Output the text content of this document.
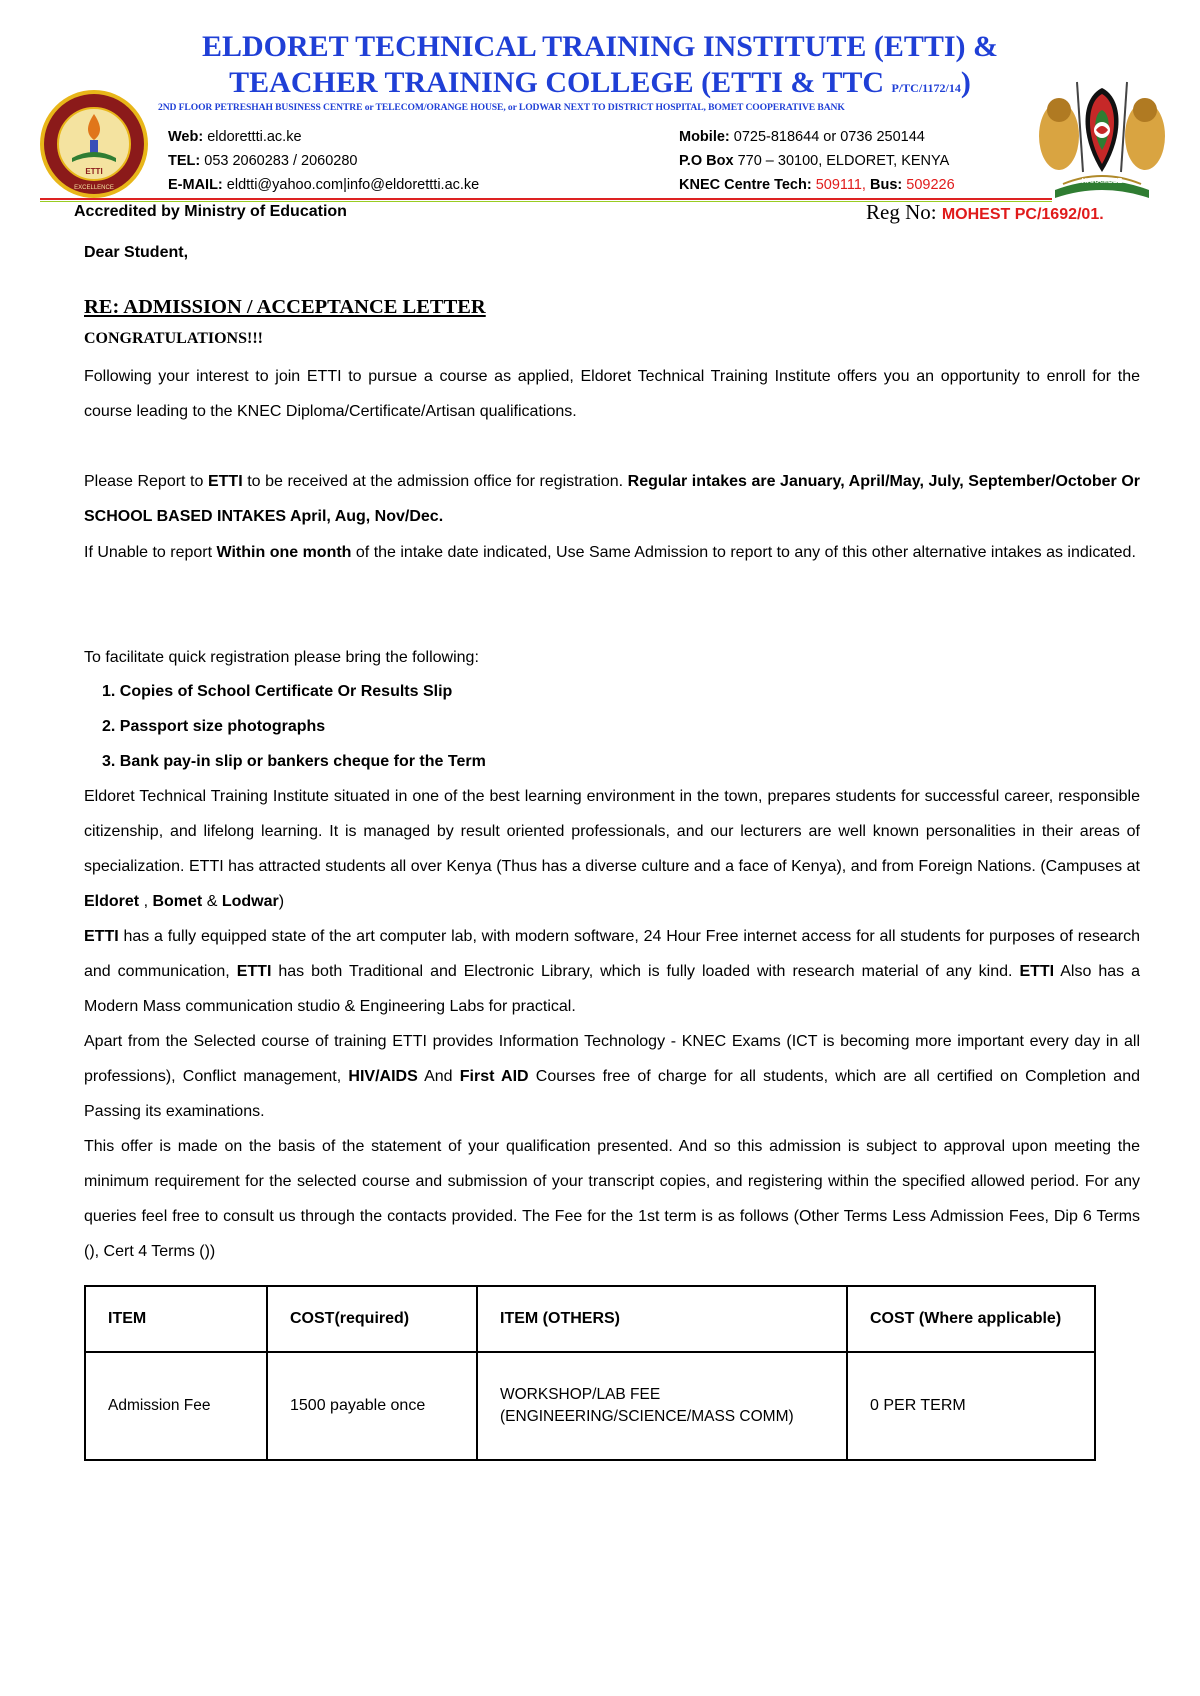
ELDORET TECHNICAL TRAINING INSTITUTE (ETTI) &
TEACHER TRAINING COLLEGE (ETTI & TTC P/TC/1172/14)
2ND FLOOR PETRESHAH BUSINESS CENTRE or TELECOM/ORANGE HOUSE, or LODWAR NEXT TO DISTRICT HOSPITAL, BOMET COOPERATIVE BANK
ETTI
EXCELLENCE
HARAMBEE
Web: eldorettti.ac.ke
TEL: 053 2060283 / 2060280
E-MAIL: eldtti@yahoo.com|info@eldorettti.ac.ke
Mobile: 0725-818644 or 0736 250144
P.O Box 770 – 30100, ELDORET, KENYA
KNEC Centre Tech: 509111, Bus: 509226
Accredited by Ministry of Education	Reg No: MOHEST PC/1692/01.
Dear Student,
RE: ADMISSION / ACCEPTANCE LETTER
CONGRATULATIONS!!!
Following your interest to join ETTI to pursue a course as applied, Eldoret Technical Training Institute offers you an opportunity to enroll for the course leading to the KNEC Diploma/Certificate/Artisan qualifications.
Please Report to ETTI to be received at the admission office for registration. Regular intakes are January, April/May, July, September/October Or SCHOOL BASED INTAKES April, Aug, Nov/Dec.
If Unable to report Within one month of the intake date indicated, Use Same Admission to report to any of this other alternative intakes as indicated.
To facilitate quick registration please bring the following:
1. Copies of School Certificate Or Results Slip
2. Passport size photographs
3. Bank pay-in slip or bankers cheque for the Term
Eldoret Technical Training Institute situated in one of the best learning environment in the town, prepares students for successful career, responsible citizenship, and lifelong learning. It is managed by result oriented professionals, and our lecturers are well known personalities in their areas of specialization. ETTI has attracted students all over Kenya (Thus has a diverse culture and a face of Kenya), and from Foreign Nations. (Campuses at Eldoret , Bomet & Lodwar)
ETTI has a fully equipped state of the art computer lab, with modern software, 24 Hour Free internet access for all students for purposes of research and communication, ETTI has both Traditional and Electronic Library, which is fully loaded with research material of any kind. ETTI Also has a Modern Mass communication studio & Engineering Labs for practical.
Apart from the Selected course of training ETTI provides Information Technology - KNEC Exams (ICT is becoming more important every day in all professions), Conflict management, HIV/AIDS And First AID Courses free of charge for all students, which are all certified on Completion and Passing its examinations.
This offer is made on the basis of the statement of your qualification presented. And so this admission is subject to approval upon meeting the minimum requirement for the selected course and submission of your transcript copies, and registering within the specified allowed period. For any queries feel free to consult us through the contacts provided. The Fee for the 1st term is as follows (Other Terms Less Admission Fees, Dip 6 Terms (), Cert 4 Terms ())
ITEM	COST(required)	ITEM (OTHERS)	COST (Where applicable)
Admission Fee	1500 payable once	WORKSHOP/LAB FEE (ENGINEERING/SCIENCE/MASS COMM)	0 PER TERM
